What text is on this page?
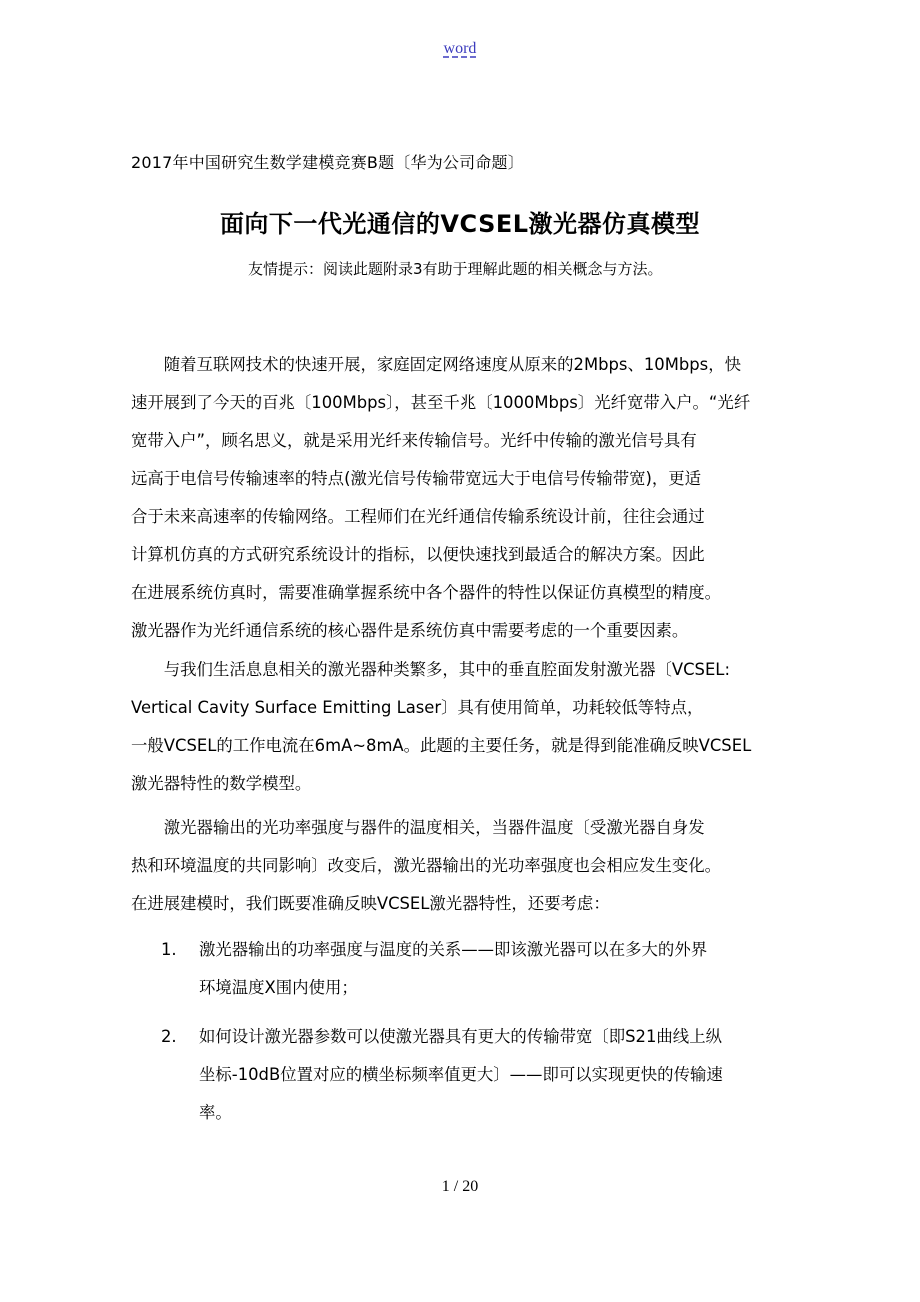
word
2017年中国研究生数学建模竞赛B题〔华为公司命题〕
面向下一代光通信的VCSEL激光器仿真模型
友情提示：阅读此题附录3有助于理解此题的相关概念与方法。
　　随着互联网技术的快速开展，家庭固定网络速度从原来的2Mbps、10Mbps，快
速开展到了今天的百兆〔100Mbps〕，甚至千兆〔1000Mbps〕光纤宽带入户。“光纤
宽带入户”，顾名思义，就是采用光纤来传输信号。光纤中传输的激光信号具有
远高于电信号传输速率的特点(激光信号传输带宽远大于电信号传输带宽)，更适
合于未来高速率的传输网络。工程师们在光纤通信传输系统设计前，往往会通过
计算机仿真的方式研究系统设计的指标，以便快速找到最适合的解决方案。因此
在进展系统仿真时，需要准确掌握系统中各个器件的特性以保证仿真模型的精度。
激光器作为光纤通信系统的核心器件是系统仿真中需要考虑的一个重要因素。
　　与我们生活息息相关的激光器种类繁多，其中的垂直腔面发射激光器〔VCSEL:
Vertical Cavity Surface Emitting Laser〕具有使用简单，功耗较低等特点，
一般VCSEL的工作电流在6mA~8mA。此题的主要任务，就是得到能准确反映VCSEL
激光器特性的数学模型。
　　激光器输出的光功率强度与器件的温度相关，当器件温度〔受激光器自身发
热和环境温度的共同影响〕改变后，激光器输出的光功率强度也会相应发生变化。
在进展建模时，我们既要准确反映VCSEL激光器特性，还要考虑：
1.	激光器输出的功率强度与温度的关系——即该激光器可以在多大的外界
环境温度X围内使用；
2.	如何设计激光器参数可以使激光器具有更大的传输带宽〔即S21曲线上纵
坐标-10dB位置对应的横坐标频率值更大〕——即可以实现更快的传输速
率。
1 / 20
